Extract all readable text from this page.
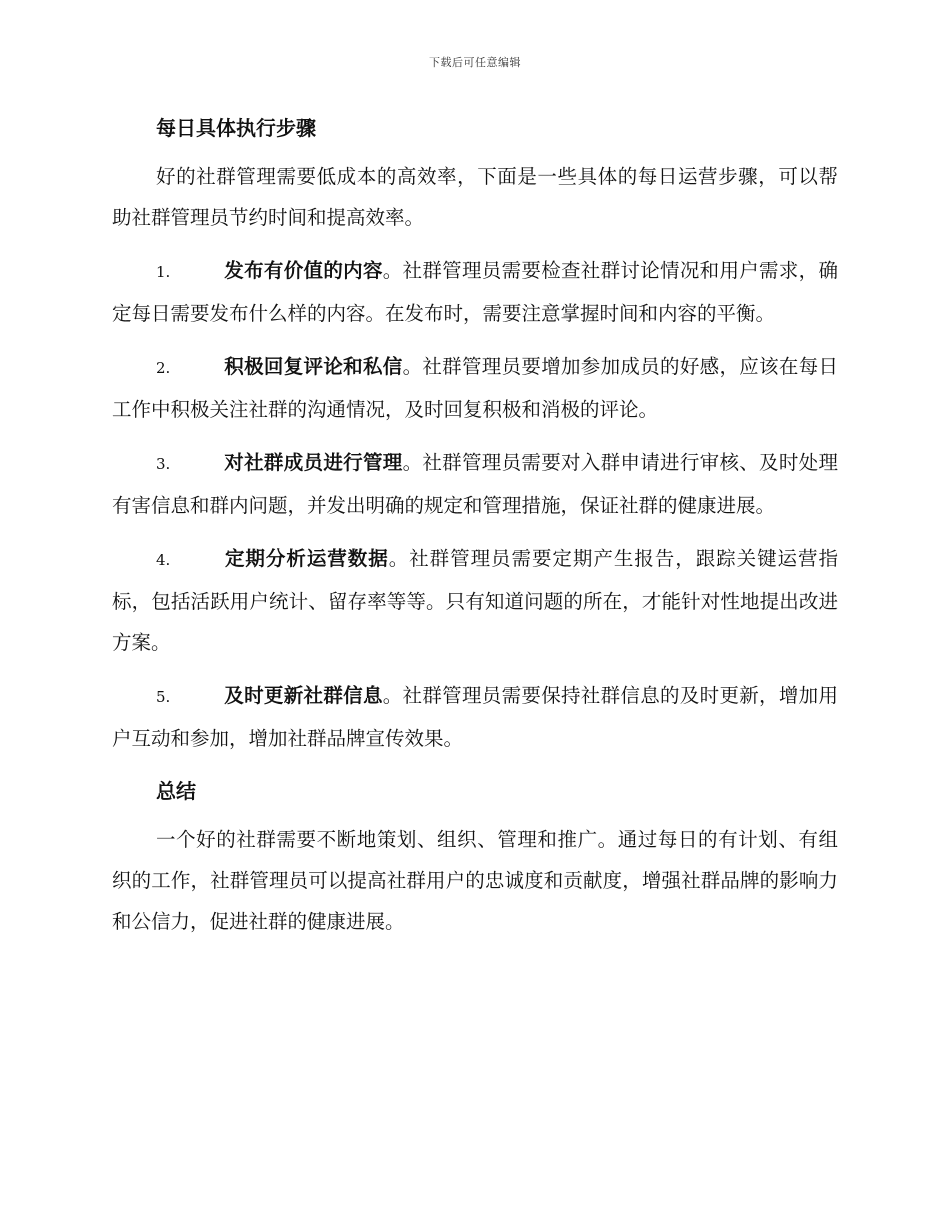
下载后可任意编辑
每日具体执行步骤

好的社群管理需要低成本的高效率，下面是一些具体的每日运营步骤，可以帮助社群管理员节约时间和提高效率。

1.	发布有价值的内容。社群管理员需要检查社群讨论情况和用户需求，确定每日需要发布什么样的内容。在发布时，需要注意掌握时间和内容的平衡。

2.	积极回复评论和私信。社群管理员要增加参加成员的好感，应该在每日工作中积极关注社群的沟通情况，及时回复积极和消极的评论。

3.	对社群成员进行管理。社群管理员需要对入群申请进行审核、及时处理有害信息和群内问题，并发出明确的规定和管理措施，保证社群的健康进展。

4.	定期分析运营数据。社群管理员需要定期产生报告，跟踪关键运营指标，包括活跃用户统计、留存率等等。只有知道问题的所在，才能针对性地提出改进方案。

5.	及时更新社群信息。社群管理员需要保持社群信息的及时更新，增加用户互动和参加，增加社群品牌宣传效果。

总结

一个好的社群需要不断地策划、组织、管理和推广。通过每日的有计划、有组织的工作，社群管理员可以提高社群用户的忠诚度和贡献度，增强社群品牌的影响力和公信力，促进社群的健康进展。
